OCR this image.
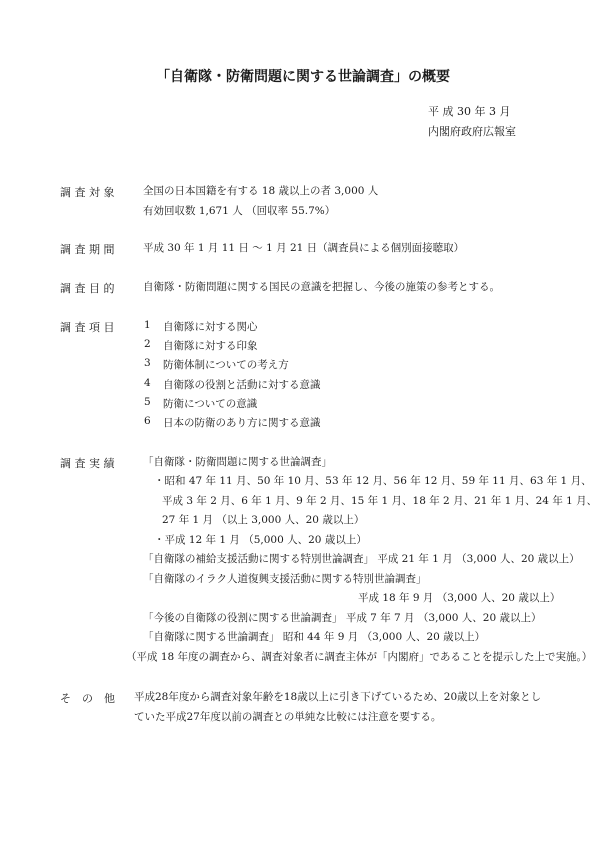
「自衛隊・防衛問題に関する世論調査」の概要
平 成 30 年 3 月
内閣府政府広報室
調 査 対 象	全国の日本国籍を有する 18 歳以上の者 3,000 人
有効回収数 1,671 人 （回収率 55.7%）
調 査 期 間	平成 30 年 1 月 11 日 〜 1 月 21 日（調査員による個別面接聴取）
調 査 目 的	自衛隊・防衛問題に関する国民の意識を把握し、今後の施策の参考とする。
調 査 項 目	1 自衛隊に対する関心
2 自衛隊に対する印象
3 防衛体制についての考え方
4 自衛隊の役割と活動に対する意識
5 防衛についての意識
6 日本の防衛のあり方に関する意識
調 査 実 績	「自衛隊・防衛問題に関する世論調査」
・昭和 47 年 11 月、50 年 10 月、53 年 12 月、56 年 12 月、59 年 11 月、63 年 1 月、
平成 3 年 2 月、6 年 1 月、9 年 2 月、15 年 1 月、18 年 2 月、21 年 1 月、24 年 1 月、
27 年 1 月 （以上 3,000 人、20 歳以上）
・平成 12 年 1 月 （5,000 人、20 歳以上）
「自衛隊の補給支援活動に関する特別世論調査」 平成 21 年 1 月 （3,000 人、20 歳以上）
「自衛隊のイラク人道復興支援活動に関する特別世論調査」
平成 18 年 9 月 （3,000 人、20 歳以上）
「今後の自衛隊の役割に関する世論調査」 平成 7 年 7 月 （3,000 人、20 歳以上）
「自衛隊に関する世論調査」 昭和 44 年 9 月 （3,000 人、20 歳以上）
（平成 18 年度の調査から、調査対象者に調査主体が「内閣府」であることを提示した上で実施。）
そ　の　他 平成28年度から調査対象年齢を18歳以上に引き下げているため、20歳以上を対象とし
ていた平成27年度以前の調査との単純な比較には注意を要する。
